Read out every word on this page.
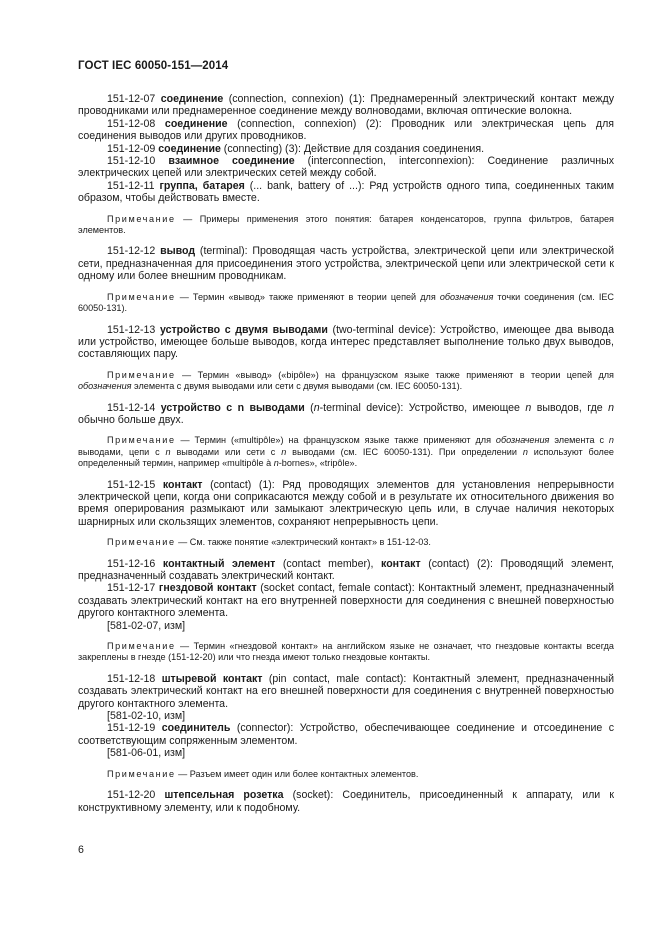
ГОСТ IEC 60050-151—2014

151-12-07 соединение (connection, connexion) (1): Преднамеренный электрический контакт между проводниками или преднамеренное соединение между волноводами, включая оптические волокна.

151-12-08 соединение (connection, connexion) (2): Проводник или электрическая цепь для соединения выводов или других проводников.

151-12-09 соединение (connecting) (3): Действие для создания соединения.

151-12-10 взаимное соединение (interconnection, interconnexion): Соединение различных электрических цепей или электрических сетей между собой.

151-12-11 группа, батарея (... bank, battery of ...): Ряд устройств одного типа, соединенных таким образом, чтобы действовать вместе.

Примечание — Примеры применения этого понятия: батарея конденсаторов, группа фильтров, батарея элементов.

151-12-12 вывод (terminal): Проводящая часть устройства, электрической цепи или электрической сети, предназначенная для присоединения этого устройства, электрической цепи или электрической сети к одному или более внешним проводникам.

Примечание — Термин «вывод» также применяют в теории цепей для обозначения точки соединения (см. IEC 60050-131).

151-12-13 устройство с двумя выводами (two-terminal device): Устройство, имеющее два вывода или устройство, имеющее больше выводов, когда интерес представляет выполнение только двух выводов, составляющих пару.

Примечание — Термин «вывод» («bipôle») на французском языке также применяют в теории цепей для обозначения элемента с двумя выводами или сети с двумя выводами (см. IEC 60050-131).

151-12-14 устройство с n выводами (n-terminal device): Устройство, имеющее n выводов, где n обычно больше двух.

Примечание — Термин («multipôle») на французском языке также применяют для обозначения элемента с n выводами, цепи с n выводами или сети с n выводами (см. IEC 60050-131). При определении n используют более определенный термин, например «multipôle à n-bornes», «tripôle».

151-12-15 контакт (contact) (1): Ряд проводящих элементов для установления непрерывности электрической цепи, когда они соприкасаются между собой и в результате их относительного движения во время оперирования размыкают или замыкают электрическую цепь или, в случае наличия некоторых шарнирных или скользящих элементов, сохраняют непрерывность цепи.

Примечание — См. также понятие «электрический контакт» в 151-12-03.

151-12-16 контактный элемент (contact member), контакт (contact) (2): Проводящий элемент, предназначенный создавать электрический контакт.

151-12-17 гнездовой контакт (socket contact, female contact): Контактный элемент, предназначенный создавать электрический контакт на его внутренней поверхности для соединения с внешней поверхностью другого контактного элемента.

[581-02-07, изм]

Примечание — Термин «гнездовой контакт» на английском языке не означает, что гнездовые контакты всегда закреплены в гнезде (151-12-20) или что гнезда имеют только гнездовые контакты.

151-12-18 штыревой контакт (pin contact, male contact): Контактный элемент, предназначенный создавать электрический контакт на его внешней поверхности для соединения с внутренней поверхностью другого контактного элемента.

[581-02-10, изм]

151-12-19 соединитель (connector): Устройство, обеспечивающее соединение и отсоединение с соответствующим сопряженным элементом.

[581-06-01, изм]

Примечание — Разъем имеет один или более контактных элементов.

151-12-20 штепсельная розетка (socket): Соединитель, присоединенный к аппарату, или к конструктивному элементу, или к подобному.

6
